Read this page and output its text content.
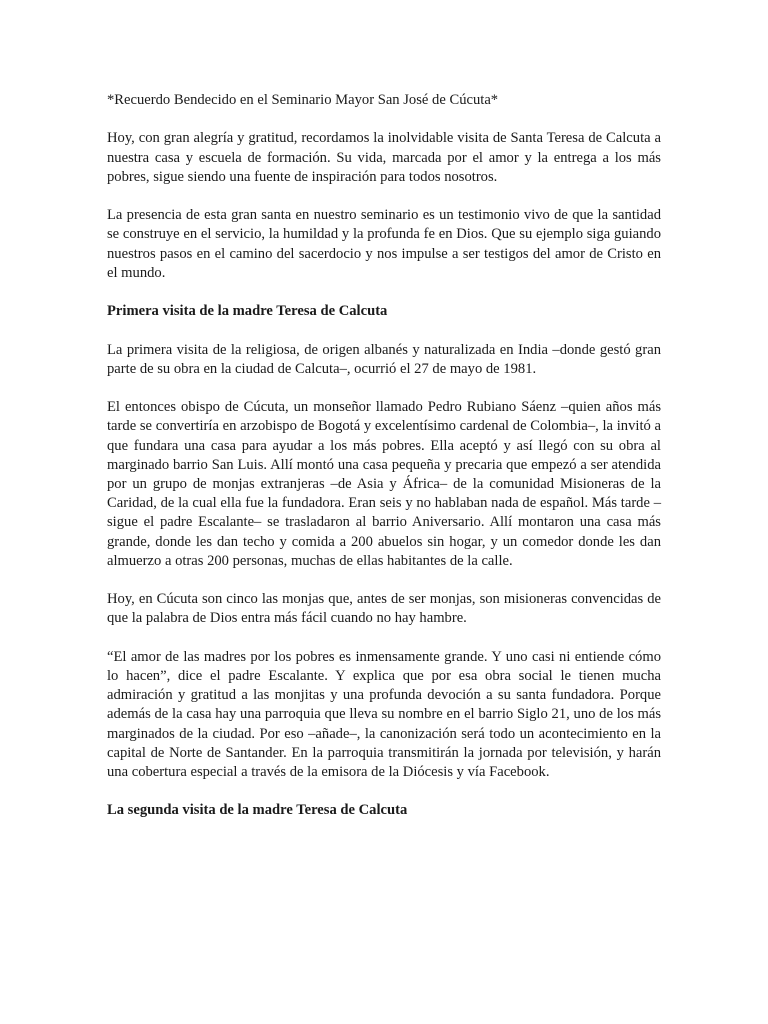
*Recuerdo Bendecido en el Seminario Mayor San José de Cúcuta*

Hoy, con gran alegría y gratitud, recordamos la inolvidable visita de Santa Teresa de Calcuta a nuestra casa y escuela de formación. Su vida, marcada por el amor y la entrega a los más pobres, sigue siendo una fuente de inspiración para todos nosotros.

La presencia de esta gran santa en nuestro seminario es un testimonio vivo de que la santidad se construye en el servicio, la humildad y la profunda fe en Dios. Que su ejemplo siga guiando nuestros pasos en el camino del sacerdocio y nos impulse a ser testigos del amor de Cristo en el mundo.

Primera visita de la madre Teresa de Calcuta

La primera visita de la religiosa, de origen albanés y naturalizada en India –donde gestó gran parte de su obra en la ciudad de Calcuta–, ocurrió el 27 de mayo de 1981.

El entonces obispo de Cúcuta, un monseñor llamado Pedro Rubiano Sáenz –quien años más tarde se convertiría en arzobispo de Bogotá y excelentísimo cardenal de Colombia–, la invitó a que fundara una casa para ayudar a los más pobres. Ella aceptó y así llegó con su obra al marginado barrio San Luis. Allí montó una casa pequeña y precaria que empezó a ser atendida por un grupo de monjas extranjeras –de Asia y África– de la comunidad Misioneras de la Caridad, de la cual ella fue la fundadora. Eran seis y no hablaban nada de español. Más tarde –sigue el padre Escalante– se trasladaron al barrio Aniversario. Allí montaron una casa más grande, donde les dan techo y comida a 200 abuelos sin hogar, y un comedor donde les dan almuerzo a otras 200 personas, muchas de ellas habitantes de la calle.

Hoy, en Cúcuta son cinco las monjas que, antes de ser monjas, son misioneras convencidas de que la palabra de Dios entra más fácil cuando no hay hambre.

“El amor de las madres por los pobres es inmensamente grande. Y uno casi ni entiende cómo lo hacen”, dice el padre Escalante. Y explica que por esa obra social le tienen mucha admiración y gratitud a las monjitas y una profunda devoción a su santa fundadora. Porque además de la casa hay una parroquia que lleva su nombre en el barrio Siglo 21, uno de los más marginados de la ciudad. Por eso –añade–, la canonización será todo un acontecimiento en la capital de Norte de Santander. En la parroquia transmitirán la jornada por televisión, y harán una cobertura especial a través de la emisora de la Diócesis y vía Facebook.

La segunda visita de la madre Teresa de Calcuta
